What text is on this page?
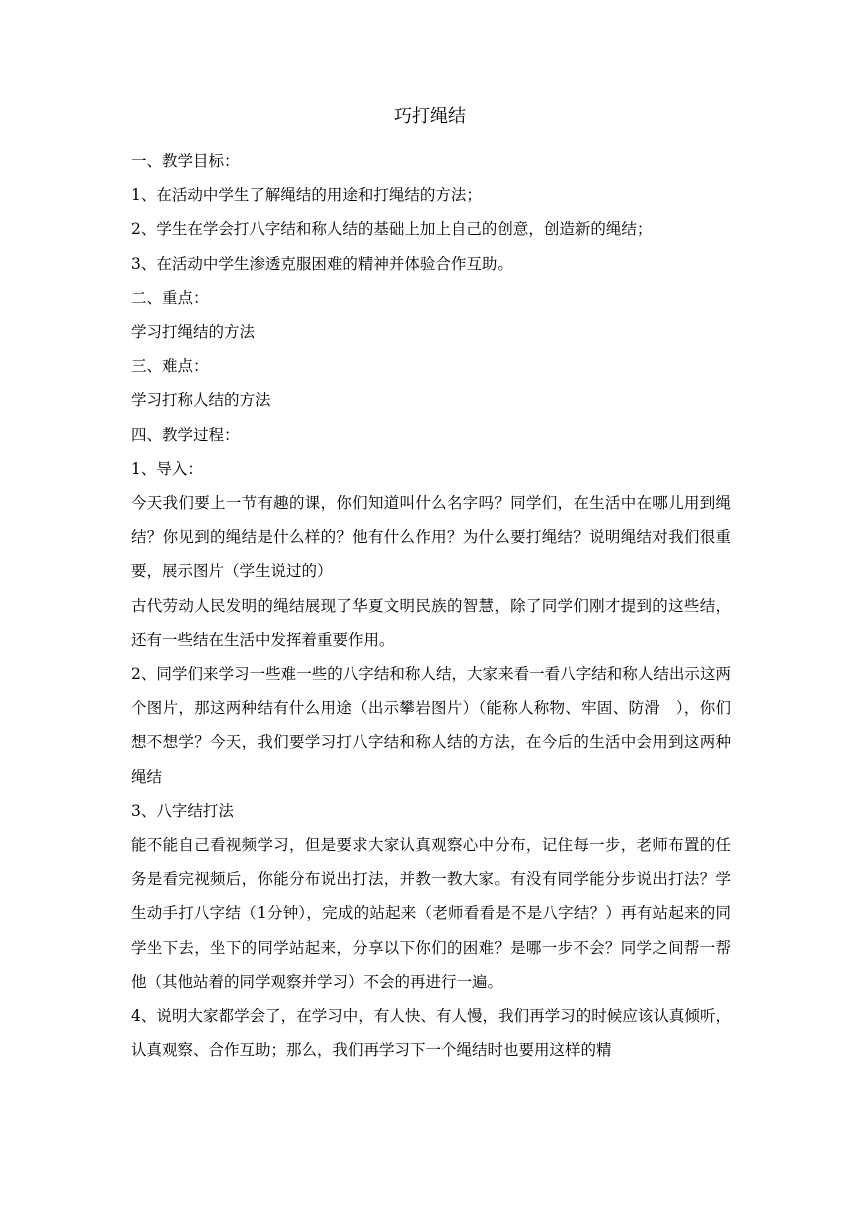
巧打绳结

一、教学目标：

1、在活动中学生了解绳结的用途和打绳结的方法；

2、学生在学会打八字结和称人结的基础上加上自己的创意，创造新的绳结；

3、在活动中学生渗透克服困难的精神并体验合作互助。

二、重点：

学习打绳结的方法

三、难点：

学习打称人结的方法

四、教学过程：

1、导入：

今天我们要上一节有趣的课，你们知道叫什么名字吗？同学们，在生活中在哪儿用到绳结？你见到的绳结是什么样的？他有什么作用？为什么要打绳结？说明绳结对我们很重要，展示图片（学生说过的）

古代劳动人民发明的绳结展现了华夏文明民族的智慧，除了同学们刚才提到的这些结，还有一些结在生活中发挥着重要作用。

2、同学们来学习一些难一些的八字结和称人结，大家来看一看八字结和称人结出示这两个图片，那这两种结有什么用途（出示攀岩图片）（能称人称物、牢固、防滑　），你们想不想学？今天，我们要学习打八字结和称人结的方法，在今后的生活中会用到这两种绳结

3、八字结打法

能不能自己看视频学习，但是要求大家认真观察心中分布，记住每一步，老师布置的任务是看完视频后，你能分布说出打法，并教一教大家。有没有同学能分步说出打法？学生动手打八字结（1分钟），完成的站起来（老师看看是不是八字结？）再有站起来的同学坐下去，坐下的同学站起来，分享以下你们的困难？是哪一步不会？同学之间帮一帮他（其他站着的同学观察并学习）不会的再进行一遍。

4、说明大家都学会了，在学习中，有人快、有人慢，我们再学习的时候应该认真倾听，认真观察、合作互助；那么，我们再学习下一个绳结时也要用这样的精
